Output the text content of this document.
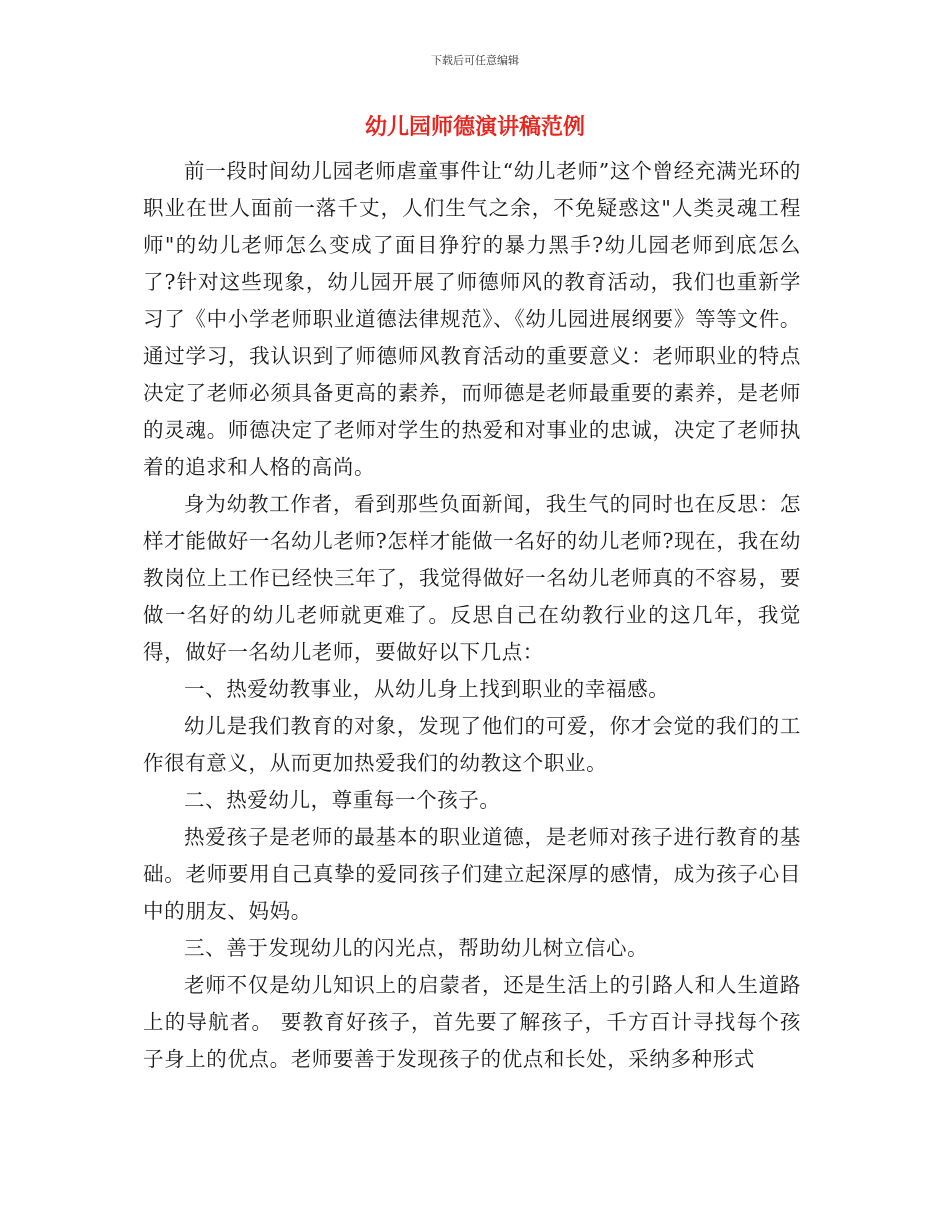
下载后可任意编辑
幼儿园师德演讲稿范例

前一段时间幼儿园老师虐童事件让“幼儿老师”这个曾经充满光环的职业在世人面前一落千丈，人们生气之余，不免疑惑这"人类灵魂工程师"的幼儿老师怎么变成了面目狰狞的暴力黑手?幼儿园老师到底怎么了?针对这些现象，幼儿园开展了师德师风的教育活动，我们也重新学习了《中小学老师职业道德法律规范》、《幼儿园进展纲要》等等文件。通过学习，我认识到了师德师风教育活动的重要意义：老师职业的特点决定了老师必须具备更高的素养，而师德是老师最重要的素养，是老师的灵魂。师德决定了老师对学生的热爱和对事业的忠诚，决定了老师执着的追求和人格的高尚。

身为幼教工作者，看到那些负面新闻，我生气的同时也在反思：怎样才能做好一名幼儿老师?怎样才能做一名好的幼儿老师?现在，我在幼教岗位上工作已经快三年了，我觉得做好一名幼儿老师真的不容易，要做一名好的幼儿老师就更难了。反思自己在幼教行业的这几年，我觉得，做好一名幼儿老师，要做好以下几点：

一、热爱幼教事业，从幼儿身上找到职业的幸福感。

幼儿是我们教育的对象，发现了他们的可爱，你才会觉的我们的工作很有意义，从而更加热爱我们的幼教这个职业。

二、热爱幼儿，尊重每一个孩子。

热爱孩子是老师的最基本的职业道德，是老师对孩子进行教育的基础。老师要用自己真挚的爱同孩子们建立起深厚的感情，成为孩子心目中的朋友、妈妈。

三、善于发现幼儿的闪光点，帮助幼儿树立信心。

老师不仅是幼儿知识上的启蒙者，还是生活上的引路人和人生道路上的导航者。 要教育好孩子，首先要了解孩子，千方百计寻找每个孩子身上的优点。老师要善于发现孩子的优点和长处，采纳多种形式
